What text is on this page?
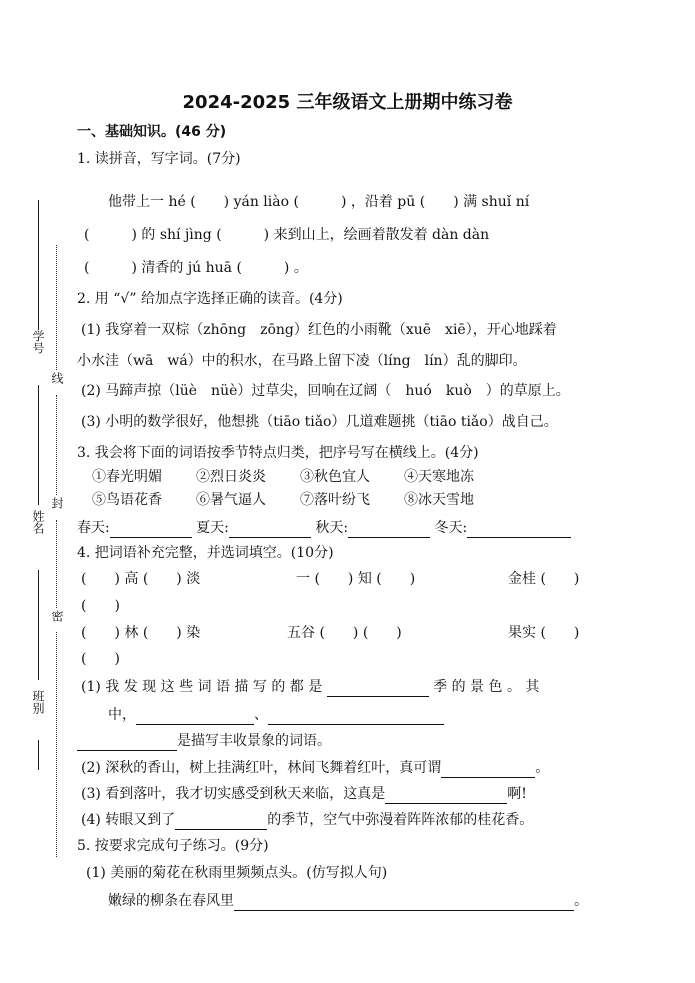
学号
姓名
班别
线
封
密
2024-2025 三年级语文上册期中练习卷
一、基础知识。(46 分)
1. 读拼音，写字词。(7分)
他带上一 hé (　　) yán liào (　　　) ，沿着 pū (　　) 满 shuǐ ní
(　　　) 的 shí jìng (　　　) 来到山上，绘画着散发着 dàn dàn
(　　　) 清香的 jú huā (　　　) 。
2. 用 “√” 给加点字选择正确的读音。(4分)
(1) 我穿着一双棕（zhōng　zōng）红色的小雨靴（xuē　xiē），开心地踩着
小水洼（wā　wá）中的积水，在马路上留下凌（líng　lín）乱的脚印。
(2) 马蹄声掠（lüè　nüè）过草尖，回响在辽阔（　huó　kuò　）的草原上。
(3) 小明的数学很好，他想挑（tiāo tiǎo）几道难题挑（tiāo tiǎo）战自己。
3. 我会将下面的词语按季节特点归类，把序号写在横线上。(4分)
①春光明媚 ②烈日炎炎 ③秋色宜人 ④天寒地冻
⑤鸟语花香 ⑥暑气逼人 ⑦落叶纷飞 ⑧冰天雪地
春天:	夏天:	秋天:	冬天:
4. 把词语补充完整，并选词填空。(10分)
(　　) 高 (　　) 淡	一 (　　) 知 (　　)	金桂 (　　)
(　　)
(　　) 林 (　　) 染	五谷 (　　) (　　)	果实 (　　)
(　　)
(1) 我 发 现 这 些 词 语 描 写 的 都 是	季 的 景 色 。 其
中，	、
是描写丰收景象的词语。
(2) 深秋的香山，树上挂满红叶，林间飞舞着红叶，真可谓	。
(3) 看到落叶，我才切实感受到秋天来临，这真是	啊!
(4) 转眼又到了	的季节，空气中弥漫着阵阵浓郁的桂花香。
5. 按要求完成句子练习。(9分)
(1) 美丽的菊花在秋雨里频频点头。(仿写拟人句)
嫩绿的柳条在春风里	。
